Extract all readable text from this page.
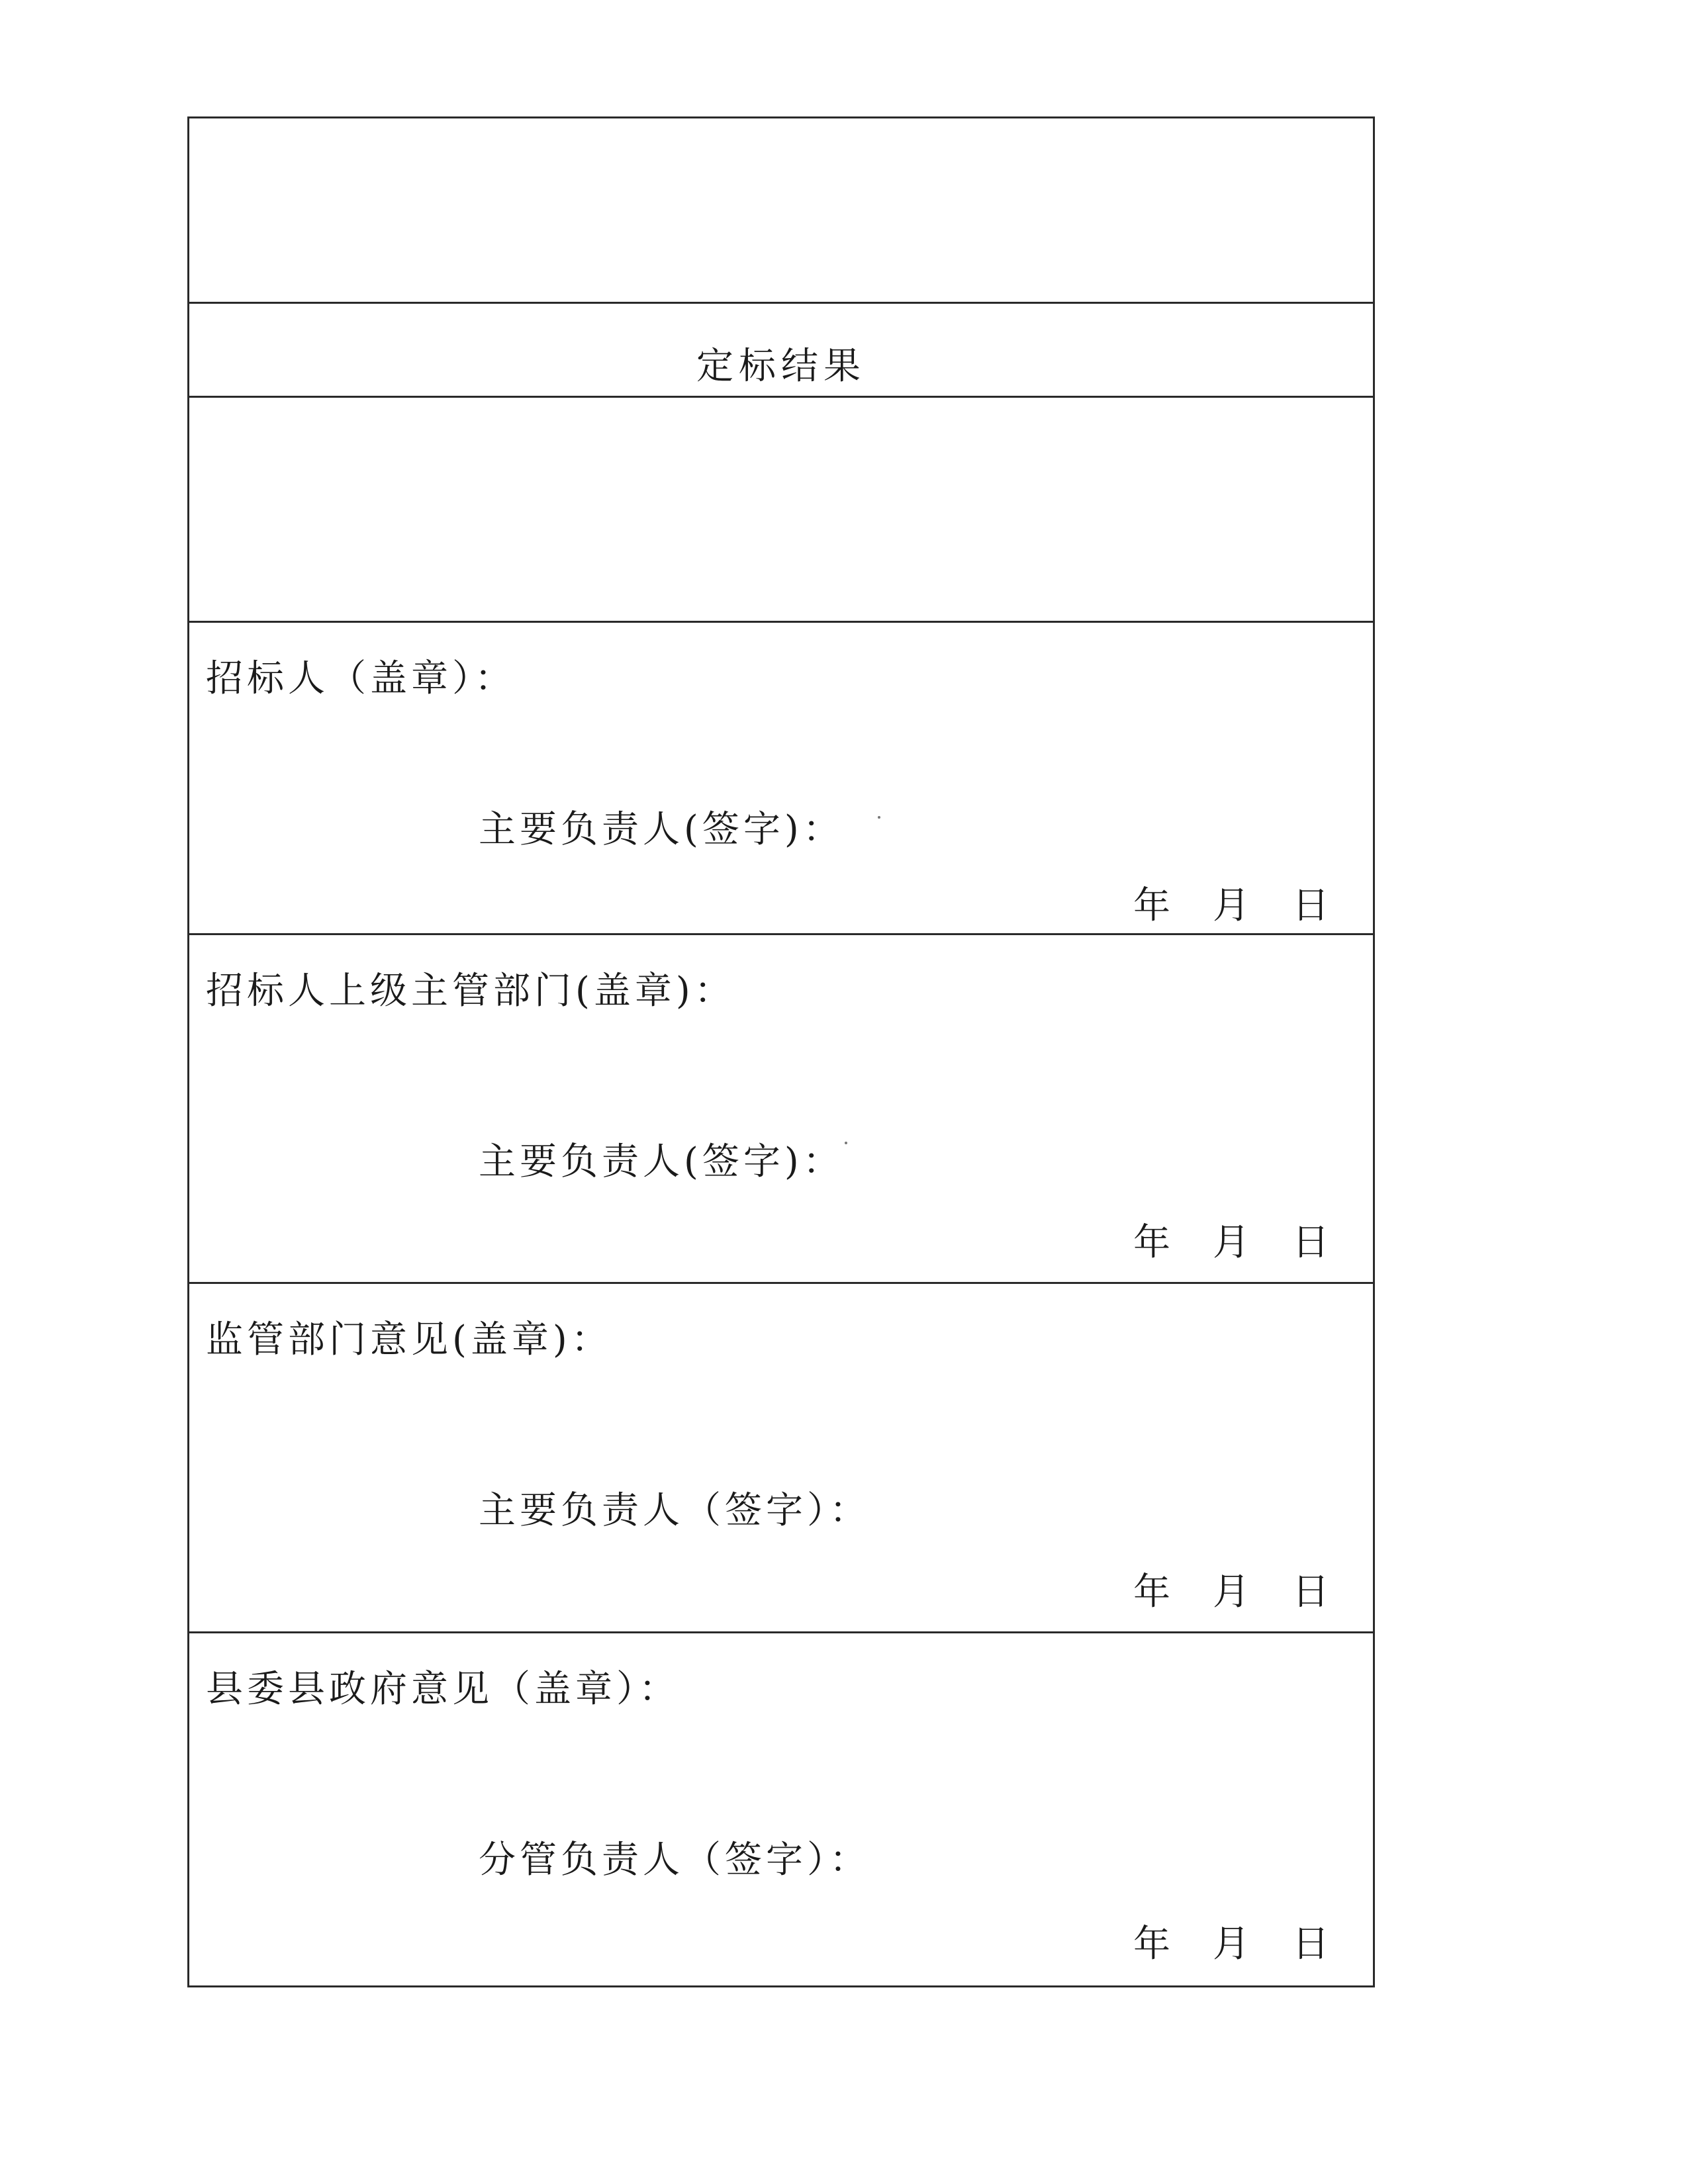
定标结果
招标人（盖章）：
主要负责人(签字)：
年 月 日
招标人上级主管部门(盖章)：
主要负责人(签字)：
年 月 日
监管部门意见(盖章)：
主要负责人（签字）：
年 月 日
县委县政府意见（盖章）：
分管负责人（签字）：
年 月 日
